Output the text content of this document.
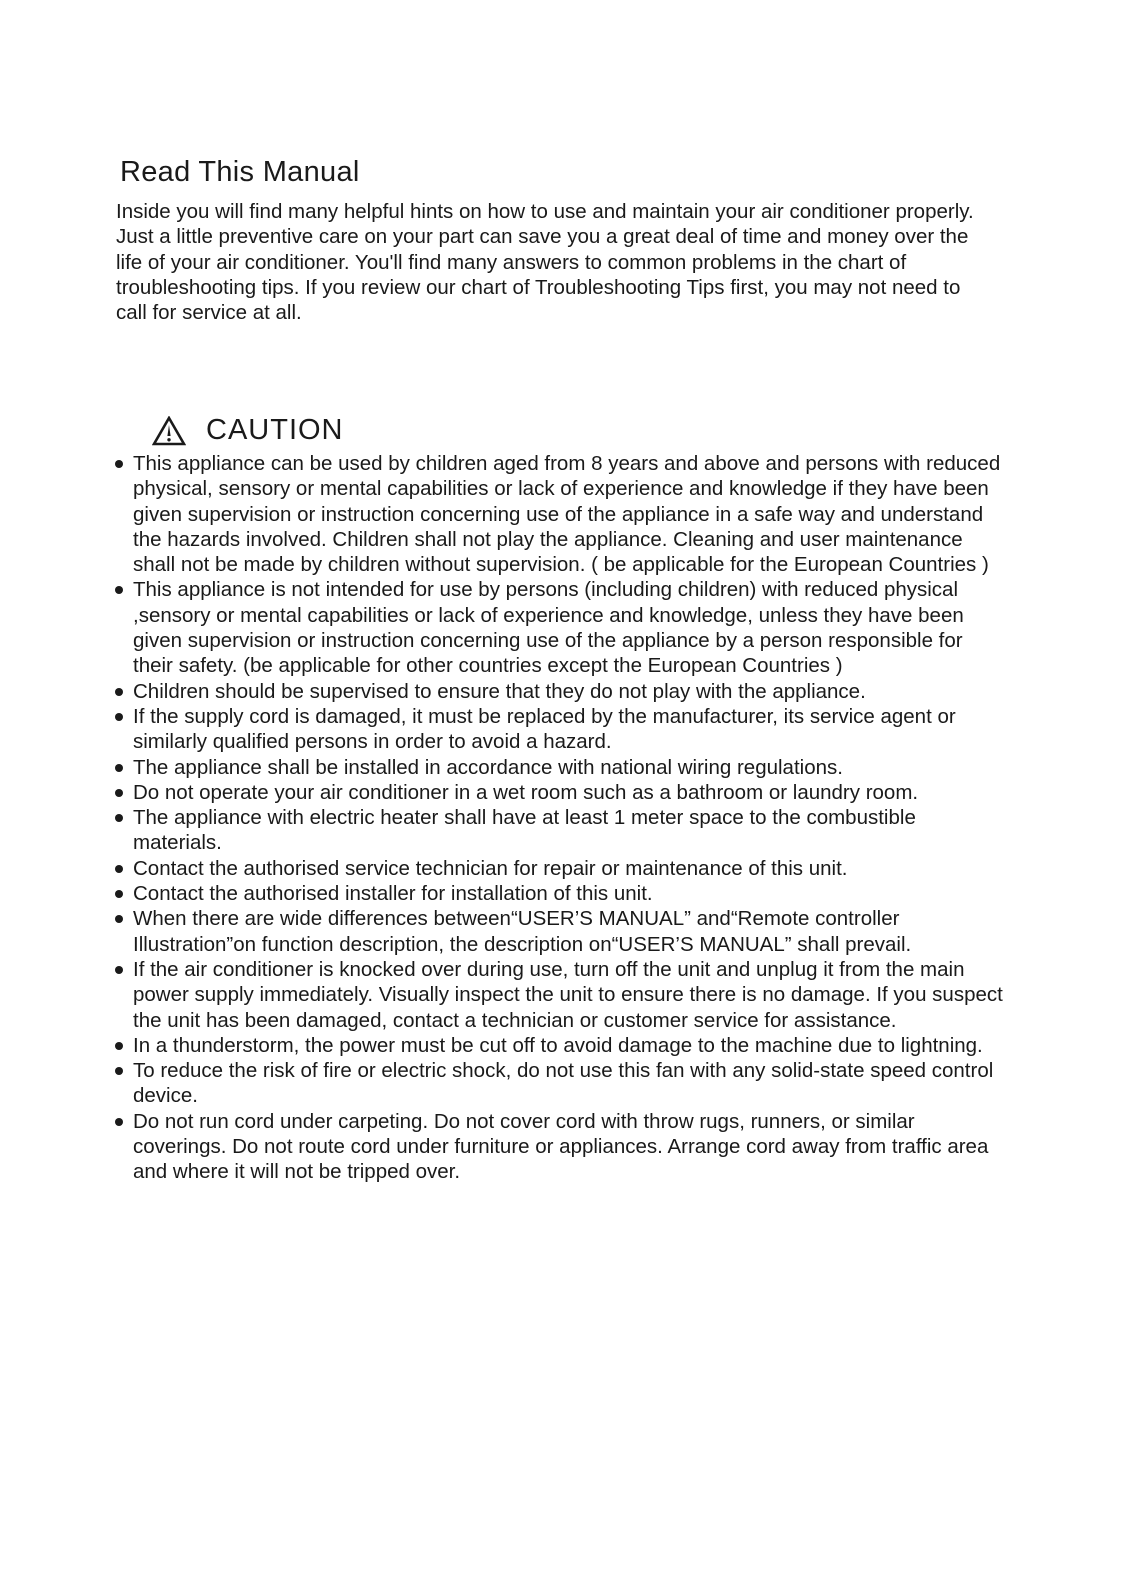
Read This Manual

Inside you will find many helpful hints on how to use and maintain your air conditioner properly. Just a little preventive care on your part can save you a great deal of time and money over the life of your air conditioner. You'll find many answers to common problems in the chart of troubleshooting tips. If you review our chart of Troubleshooting Tips first, you may not need to call for service at all.

CAUTION
This appliance can be used by children aged from 8 years and above and persons with reduced physical, sensory or mental capabilities or lack of experience and knowledge if they have been given supervision or instruction concerning use of the appliance in a safe way and understand the hazards involved. Children shall not play the appliance. Cleaning and user maintenance shall not be made by children without supervision. ( be applicable for the European Countries )
This appliance is not intended for use by persons (including children) with reduced physical ,sensory or mental capabilities or lack of experience and knowledge, unless they have been given supervision or instruction concerning use of the appliance by a person responsible for their safety. (be applicable for other countries except the European Countries )
Children should be supervised to ensure that they do not play with the appliance.
If the supply cord is damaged, it must be replaced by the manufacturer, its service agent or similarly qualified persons in order to avoid a hazard.
The appliance shall be installed in accordance with national wiring regulations.
Do not operate your air conditioner in a wet room such as a bathroom or laundry room.
The appliance with electric heater shall have at least 1 meter space to the combustible materials.
Contact the authorised service technician for repair or maintenance of this unit.
Contact the authorised installer for installation of this unit.
When there are wide differences between“USER’S MANUAL” and“Remote controller Illustration”on function description, the description on“USER’S MANUAL” shall prevail.
If the air conditioner is knocked over during use, turn off the unit and unplug it from the main power supply immediately. Visually inspect the unit to ensure there is no damage. If you suspect the unit has been damaged, contact a technician or customer service for assistance.
In a thunderstorm, the power must be cut off to avoid damage to the machine due to lightning.
To reduce the risk of fire or electric shock, do not use this fan with any solid-state speed control device.
Do not run cord under carpeting. Do not cover cord with throw rugs, runners, or similar coverings. Do not route cord under furniture or appliances. Arrange cord away from traffic area and where it will not be tripped over.
